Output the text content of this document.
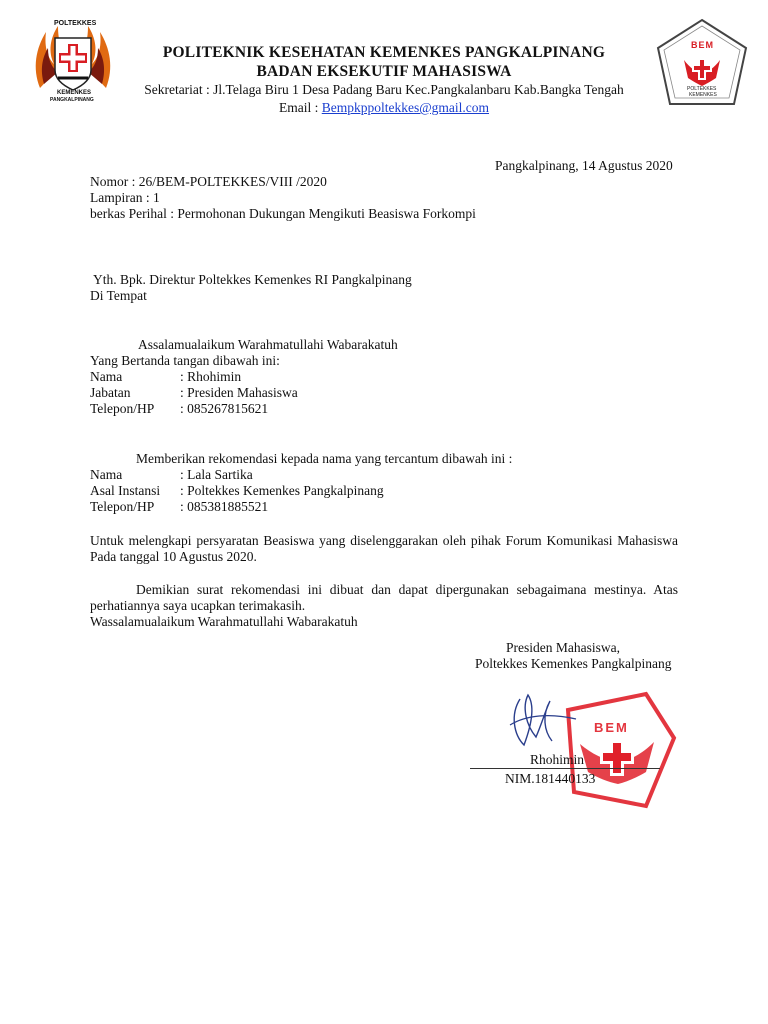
POLTEKKES
KEMENKES
PANGKALPINANG
BEM
POLTEKKES
KEMENKES
POLITEKNIK KESEHATAN KEMENKES PANGKALPINANG
BADAN EKSEKUTIF MAHASISWA
Sekretariat : Jl.Telaga Biru 1 Desa Padang Baru Kec.Pangkalanbaru Kab.Bangka Tengah
Email : Bempkppoltekkes@gmail.com
Pangkalpinang, 14 Agustus 2020
Nomor : 26/BEM-POLTEKKES/VIII /2020
Lampiran : 1
berkas Perihal : Permohonan Dukungan Mengikuti Beasiswa Forkompi
Yth. Bpk. Direktur Poltekkes Kemenkes RI Pangkalpinang
Di Tempat
Assalamualaikum Warahmatullahi Wabarakatuh
Yang Bertanda tangan dibawah ini:
Nama	: Rhohimin
Jabatan	: Presiden Mahasiswa
Telepon/HP	: 085267815621
Memberikan rekomendasi kepada nama yang tercantum dibawah ini :
Nama	: Lala Sartika
Asal Instansi	: Poltekkes Kemenkes Pangkalpinang
Telepon/HP	: 085381885521
Untuk melengkapi persyaratan Beasiswa yang diselenggarakan oleh pihak Forum Komunikasi Mahasiswa Pada tanggal 10 Agustus 2020.
Demikian surat rekomendasi ini dibuat dan dapat dipergunakan sebagaimana mestinya. Atas perhatiannya saya ucapkan terimakasih.
Wassalamualaikum Warahmatullahi Wabarakatuh
Presiden Mahasiswa,
Poltekkes Kemenkes Pangkalpinang
BEM
Rhohimin
NIM.181440133
